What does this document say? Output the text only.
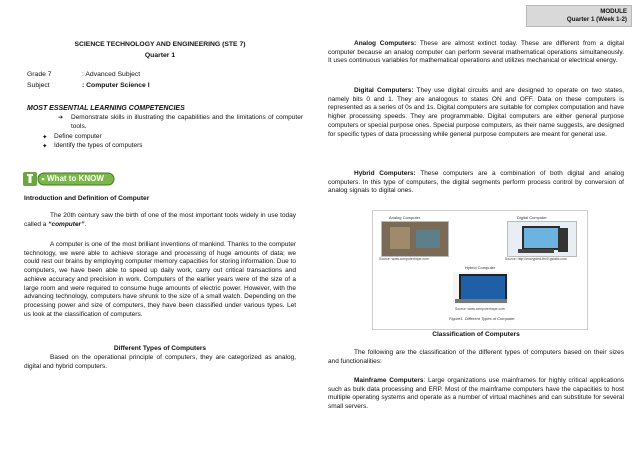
MODULE
Quarter 1 (Week 1-2)
SCIENCE TECHNOLOGY AND ENGINEERING (STE 7)
Quarter 1
Grade 7	: Advanced Subject
Subject	: Computer Science I
MOST ESSENTIAL LEARNING COMPETENCIES
➔ Demonstrate skills in illustrating the capabilities and the limitations of computer tools.

✦ Define computer

✦ Identify the types of computers

What to KNOW
Introduction and Definition of Computer

The 20th century saw the birth of one of the most important tools widely in use today called a “computer”.

A computer is one of the most brilliant inventions of mankind. Thanks to the computer technology, we were able to achieve storage and processing of huge amounts of data; we could rest our brains by employing computer memory capacities for storing information. Due to computers, we have been able to speed up daily work, carry out critical transactions and achieve accuracy and precision in work. Computers of the earlier years were of the size of a large room and were required to consume huge amounts of electric power. However, with the advancing technology, computers have shrunk to the size of a small watch. Depending on the processing power and size of computers, they have been classified under various types. Let us look at the classification of computers.

Different Types of Computers

Based on the operational principle of computers, they are categorized as analog, digital and hybrid computers.

Analog Computers: These are almost extinct today. These are different from a digital computer because an analog computer can perform several mathematical operations simultaneously. It uses continuous variables for mathematical operations and utilizes mechanical or electrical energy.

Digital Computers: They use digital circuits and are designed to operate on two states, namely bits 0 and 1. They are analogous to states ON and OFF. Data on these computers is represented as a series of 0s and 1s. Digital computers are suitable for complex computation and have higher processing speeds. They are programmable. Digital computers are either general purpose computers or special purpose ones. Special purpose computers, as their name suggests, are designed for specific types of data processing while general purpose computers are meant for general use.

Hybrid Computers: These computers are a combination of both digital and analog computers. In this type of computers, the digital segments perform process control by conversion of analog signals to digital ones.

Analog Computer
Source: www.computerhope.com
Digital Computer
Source: http://encrypted-tbn0.gstatic.com
Hybrid Computer
Source: www.computerhope.com
Figure1. Different Types of Computer
Classification of Computers

The following are the classification of the different types of computers based on their sizes and functionalities:

Mainframe Computers: Large organizations use mainframes for highly critical applications such as bulk data processing and ERP. Most of the mainframe computers have the capacities to host multiple operating systems and operate as a number of virtual machines and can substitute for several small servers.
